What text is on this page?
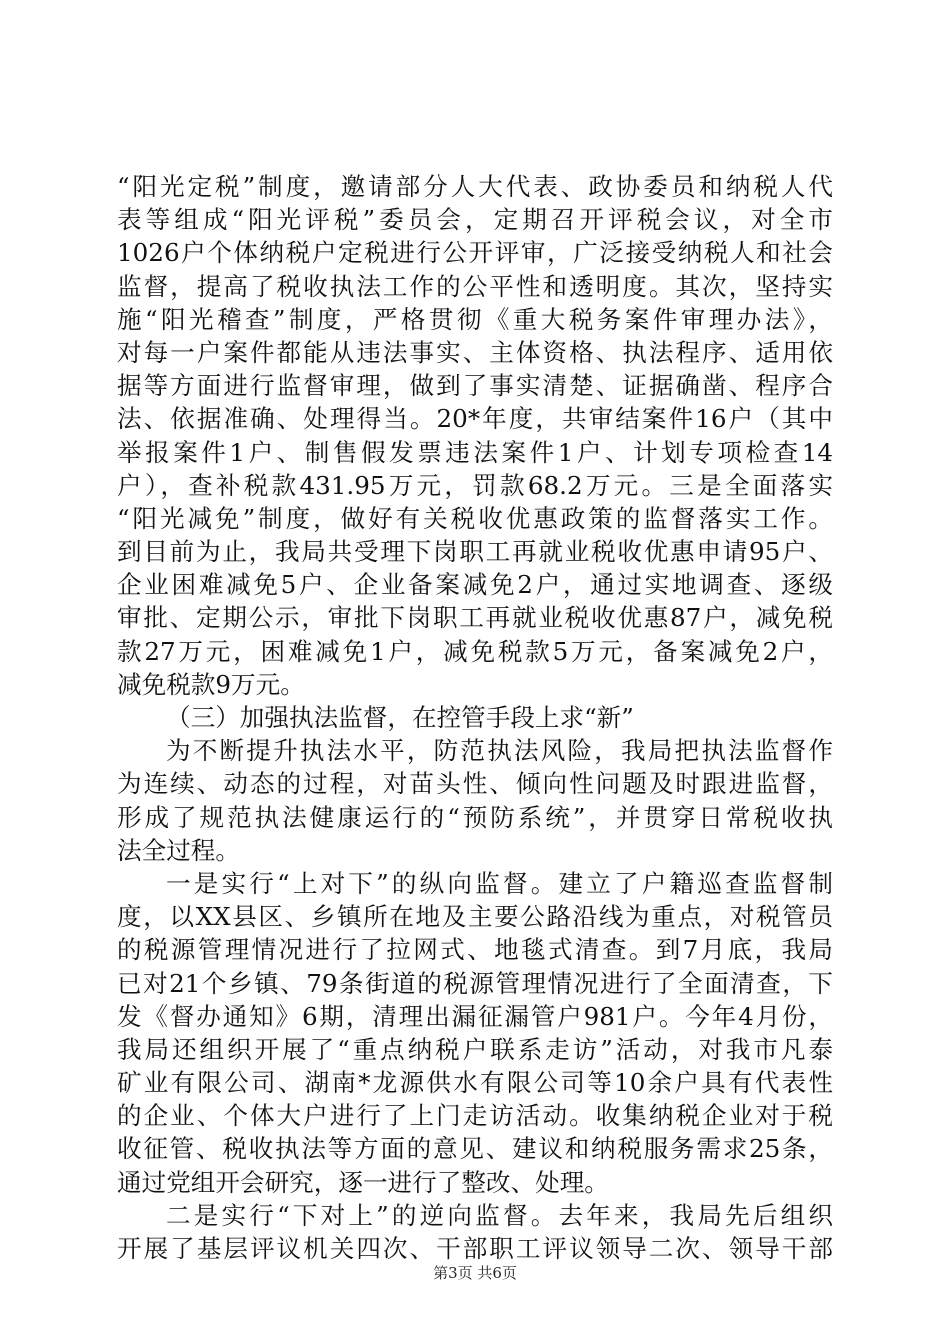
“阳光定税”制度，邀请部分人大代表、政协委员和纳税人代
表等组成“阳光评税”委员会，定期召开评税会议，对全市
1026户个体纳税户定税进行公开评审，广泛接受纳税人和社会
监督，提高了税收执法工作的公平性和透明度。其次，坚持实
施“阳光稽查”制度，严格贯彻《重大税务案件审理办法》，
对每一户案件都能从违法事实、主体资格、执法程序、适用依
据等方面进行监督审理，做到了事实清楚、证据确凿、程序合
法、依据准确、处理得当。20*年度，共审结案件16户（其中
举报案件1户、制售假发票违法案件1户、计划专项检查14
户），查补税款431.95万元，罚款68.2万元。三是全面落实
“阳光减免”制度，做好有关税收优惠政策的监督落实工作。
到目前为止，我局共受理下岗职工再就业税收优惠申请95户、
企业困难减免5户、企业备案减免2户，通过实地调查、逐级
审批、定期公示，审批下岗职工再就业税收优惠87户，减免税
款27万元，困难减免1户，减免税款5万元，备案减免2户，
减免税款9万元。
（三）加强执法监督，在控管手段上求“新”
为不断提升执法水平，防范执法风险，我局把执法监督作
为连续、动态的过程，对苗头性、倾向性问题及时跟进监督，
形成了规范执法健康运行的“预防系统”，并贯穿日常税收执
法全过程。
一是实行“上对下”的纵向监督。建立了户籍巡查监督制
度，以XX县区、乡镇所在地及主要公路沿线为重点，对税管员
的税源管理情况进行了拉网式、地毯式清查。到7月底，我局
已对21个乡镇、79条街道的税源管理情况进行了全面清查，下
发《督办通知》6期，清理出漏征漏管户981户。今年4月份，
我局还组织开展了“重点纳税户联系走访”活动，对我市凡泰
矿业有限公司、湖南*龙源供水有限公司等10余户具有代表性
的企业、个体大户进行了上门走访活动。收集纳税企业对于税
收征管、税收执法等方面的意见、建议和纳税服务需求25条，
通过党组开会研究，逐一进行了整改、处理。
二是实行“下对上”的逆向监督。去年来，我局先后组织
开展了基层评议机关四次、干部职工评议领导二次、领导干部
第3页 共6页
